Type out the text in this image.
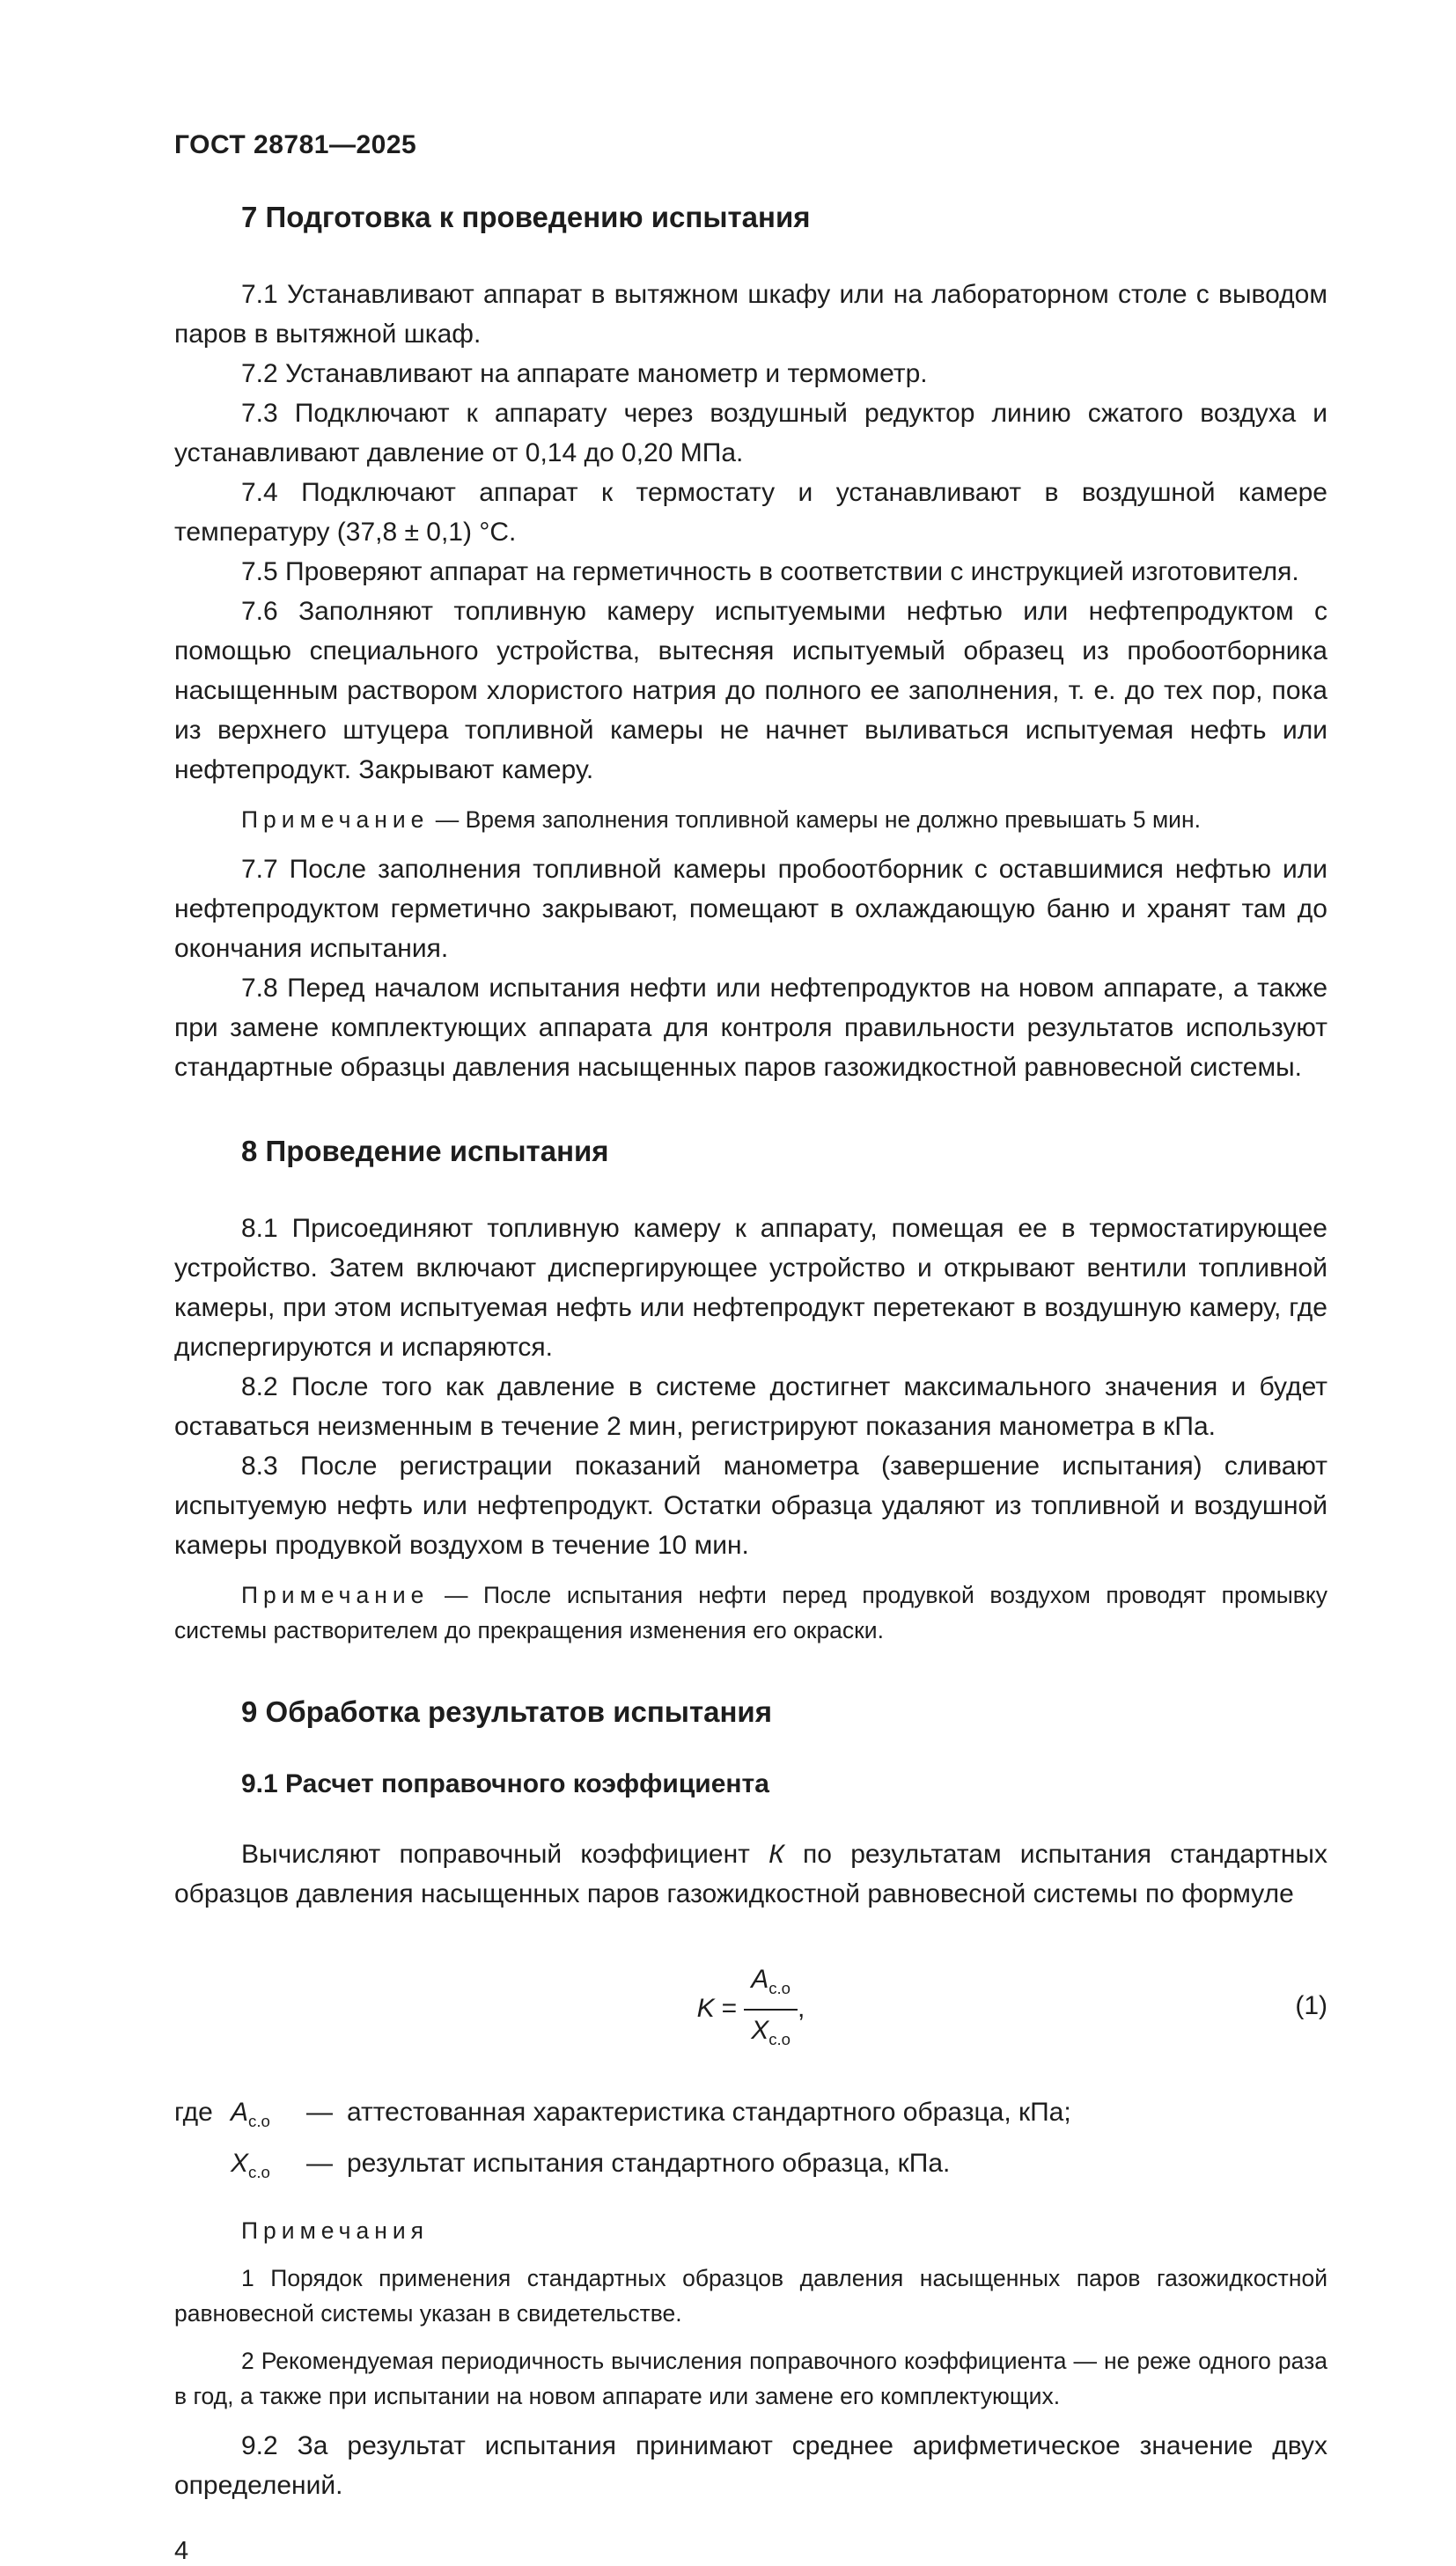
ГОСТ 28781—2025
7 Подготовка к проведению испытания

7.1 Устанавливают аппарат в вытяжном шкафу или на лабораторном столе с выводом паров в вытяжной шкаф.

7.2 Устанавливают на аппарате манометр и термометр.

7.3 Подключают к аппарату через воздушный редуктор линию сжатого воздуха и устанавливают давление от 0,14 до 0,20 МПа.

7.4 Подключают аппарат к термостату и устанавливают в воздушной камере температуру (37,8 ± 0,1) °С.

7.5 Проверяют аппарат на герметичность в соответствии с инструкцией изготовителя.

7.6 Заполняют топливную камеру испытуемыми нефтью или нефтепродуктом с помощью специального устройства, вытесняя испытуемый образец из пробоотборника насыщенным раствором хлористого натрия до полного ее заполнения, т. е. до тех пор, пока из верхнего штуцера топливной камеры не начнет выливаться испытуемая нефть или нефтепродукт. Закрывают камеру.

Примечание — Время заполнения топливной камеры не должно превышать 5 мин.

7.7 После заполнения топливной камеры пробоотборник с оставшимися нефтью или нефтепродуктом герметично закрывают, помещают в охлаждающую баню и хранят там до окончания испытания.

7.8 Перед началом испытания нефти или нефтепродуктов на новом аппарате, а также при замене комплектующих аппарата для контроля правильности результатов используют стандартные образцы давления насыщенных паров газожидкостной равновесной системы.

8 Проведение испытания

8.1 Присоединяют топливную камеру к аппарату, помещая ее в термостатирующее устройство. Затем включают диспергирующее устройство и открывают вентили топливной камеры, при этом испытуемая нефть или нефтепродукт перетекают в воздушную камеру, где диспергируются и испаряются.

8.2 После того как давление в системе достигнет максимального значения и будет оставаться неизменным в течение 2 мин, регистрируют показания манометра в кПа.

8.3 После регистрации показаний манометра (завершение испытания) сливают испытуемую нефть или нефтепродукт. Остатки образца удаляют из топливной и воздушной камеры продувкой воздухом в течение 10 мин.

Примечание — После испытания нефти перед продувкой воздухом проводят промывку системы растворителем до прекращения изменения его окраски.

9 Обработка результатов испытания
9.1 Расчет поправочного коэффициента

Вычисляют поправочный коэффициент К по результатам испытания стандартных образцов давления насыщенных паров газожидкостной равновесной системы по формуле

$K = \frac{A_{с.о}}{X_{с.о}}$ ,	(1)
где $A_{с.о}$	— аттестованная характеристика стандартного образца, кПа;
$X_{с.о}$	— результат испытания стандартного образца, кПа.
Примечания

1 Порядок применения стандартных образцов давления насыщенных паров газожидкостной равновесной системы указан в свидетельстве.

2 Рекомендуемая периодичность вычисления поправочного коэффициента — не реже одного раза в год, а также при испытании на новом аппарате или замене его комплектующих.

9.2 За результат испытания принимают среднее арифметическое значение двух определений.

4
